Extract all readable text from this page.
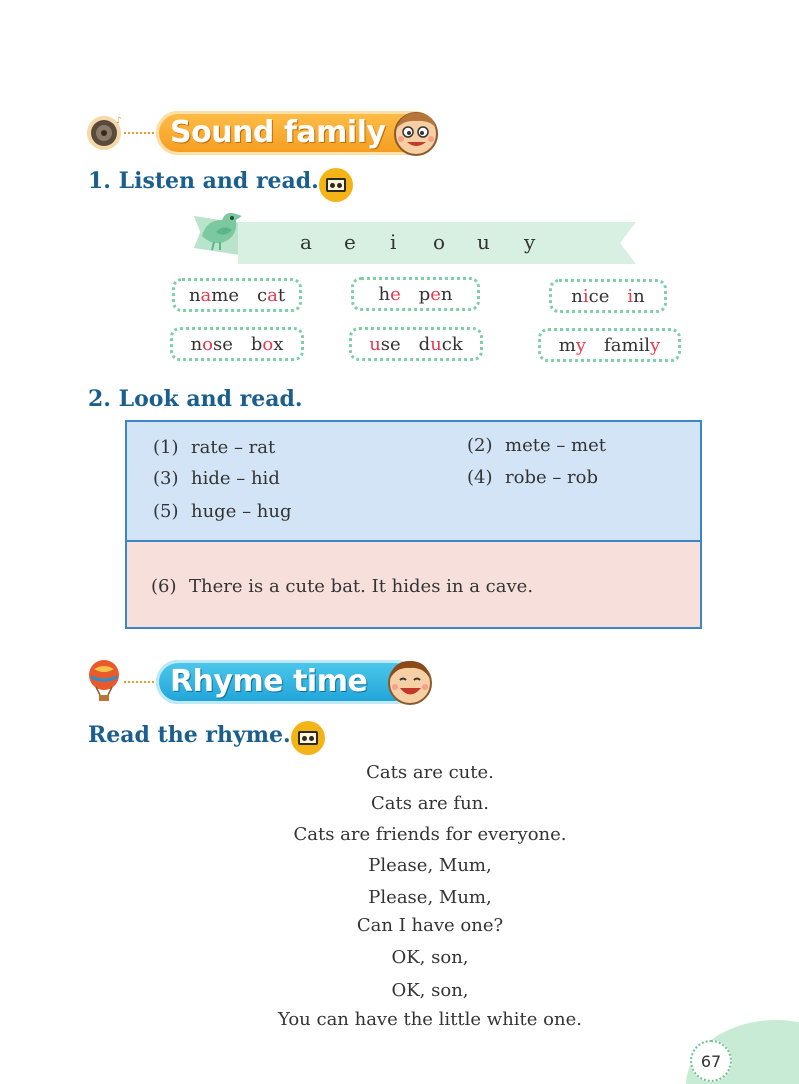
♪	Sound family
1. Listen and read.
a e i o u y
name cat	he pen	nice in
nose box	use duck	my family
2. Look and read.
(1) rate – rat	(2) mete – met
(3) hide – hid	(4) robe – rob
(5) huge – hug
(6) There is a cute bat. It hides in a cave.
Rhyme time
Read the rhyme.
Cats are cute.
Cats are fun.
Cats are friends for everyone.
Please, Mum,
Please, Mum,
Can I have one?
OK, son,
OK, son,
You can have the little white one.
67
